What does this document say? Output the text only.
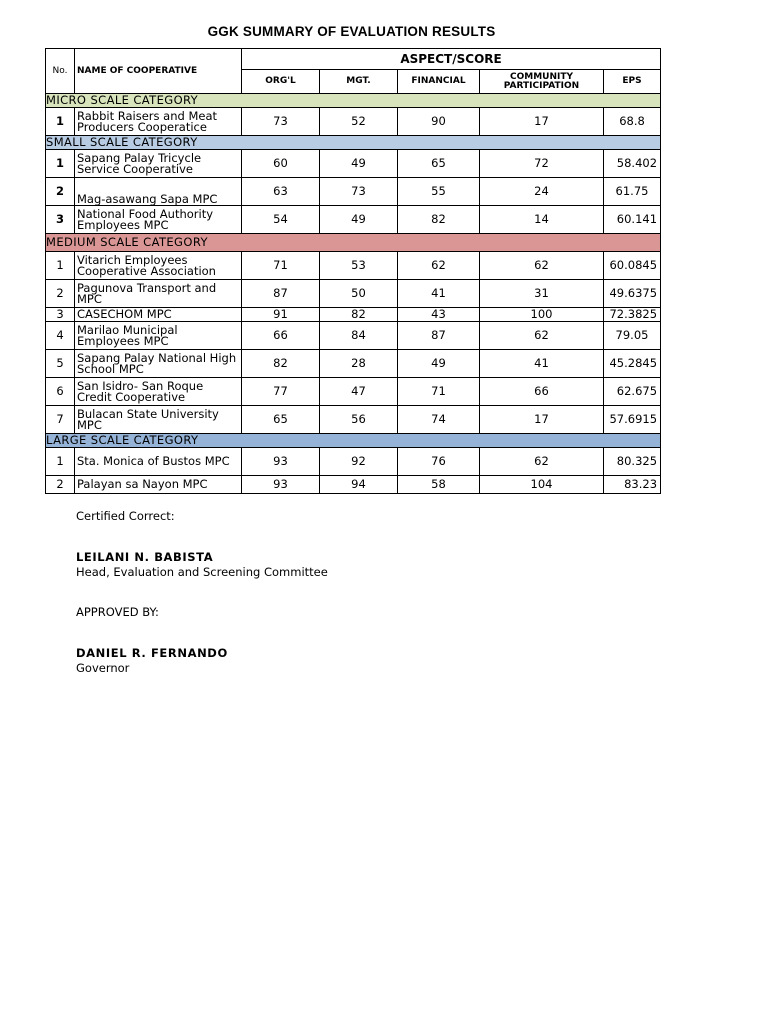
GGK SUMMARY OF EVALUATION RESULTS
No.	NAME OF COOPERATIVE	ASPECT/SCORE				
		ORG'L	MGT.	FINANCIAL	COMMUNITY PARTICIPATION	EPS
MICRO SCALE CATEGORY						
1	Rabbit Raisers and Meat Producers Cooperatice	73	52	90	17	68.8
SMALL SCALE CATEGORY						
1	Sapang Palay Tricycle Service Cooperative	60	49	65	72	58.402
2	Mag-asawang Sapa MPC	63	73	55	24	61.75
3	National Food Authority Employees MPC	54	49	82	14	60.141
MEDIUM SCALE CATEGORY						
1	Vitarich Employees Cooperative Association	71	53	62	62	60.0845
2	Pagunova Transport and MPC	87	50	41	31	49.6375
3	CASECHOM MPC	91	82	43	100	72.3825
4	Marilao Municipal Employees MPC	66	84	87	62	79.05
5	Sapang Palay National High School MPC	82	28	49	41	45.2845
6	San Isidro- San Roque Credit Cooperative	77	47	71	66	62.675
7	Bulacan State University MPC	65	56	74	17	57.6915
LARGE SCALE CATEGORY						
1	Sta. Monica of Bustos MPC	93	92	76	62	80.325
2	Palayan sa Nayon MPC	93	94	58	104	83.23
Certified Correct:
LEILANI N. BABISTA
Head, Evaluation and Screening Committee
APPROVED BY:
DANIEL R. FERNANDO
Governor
